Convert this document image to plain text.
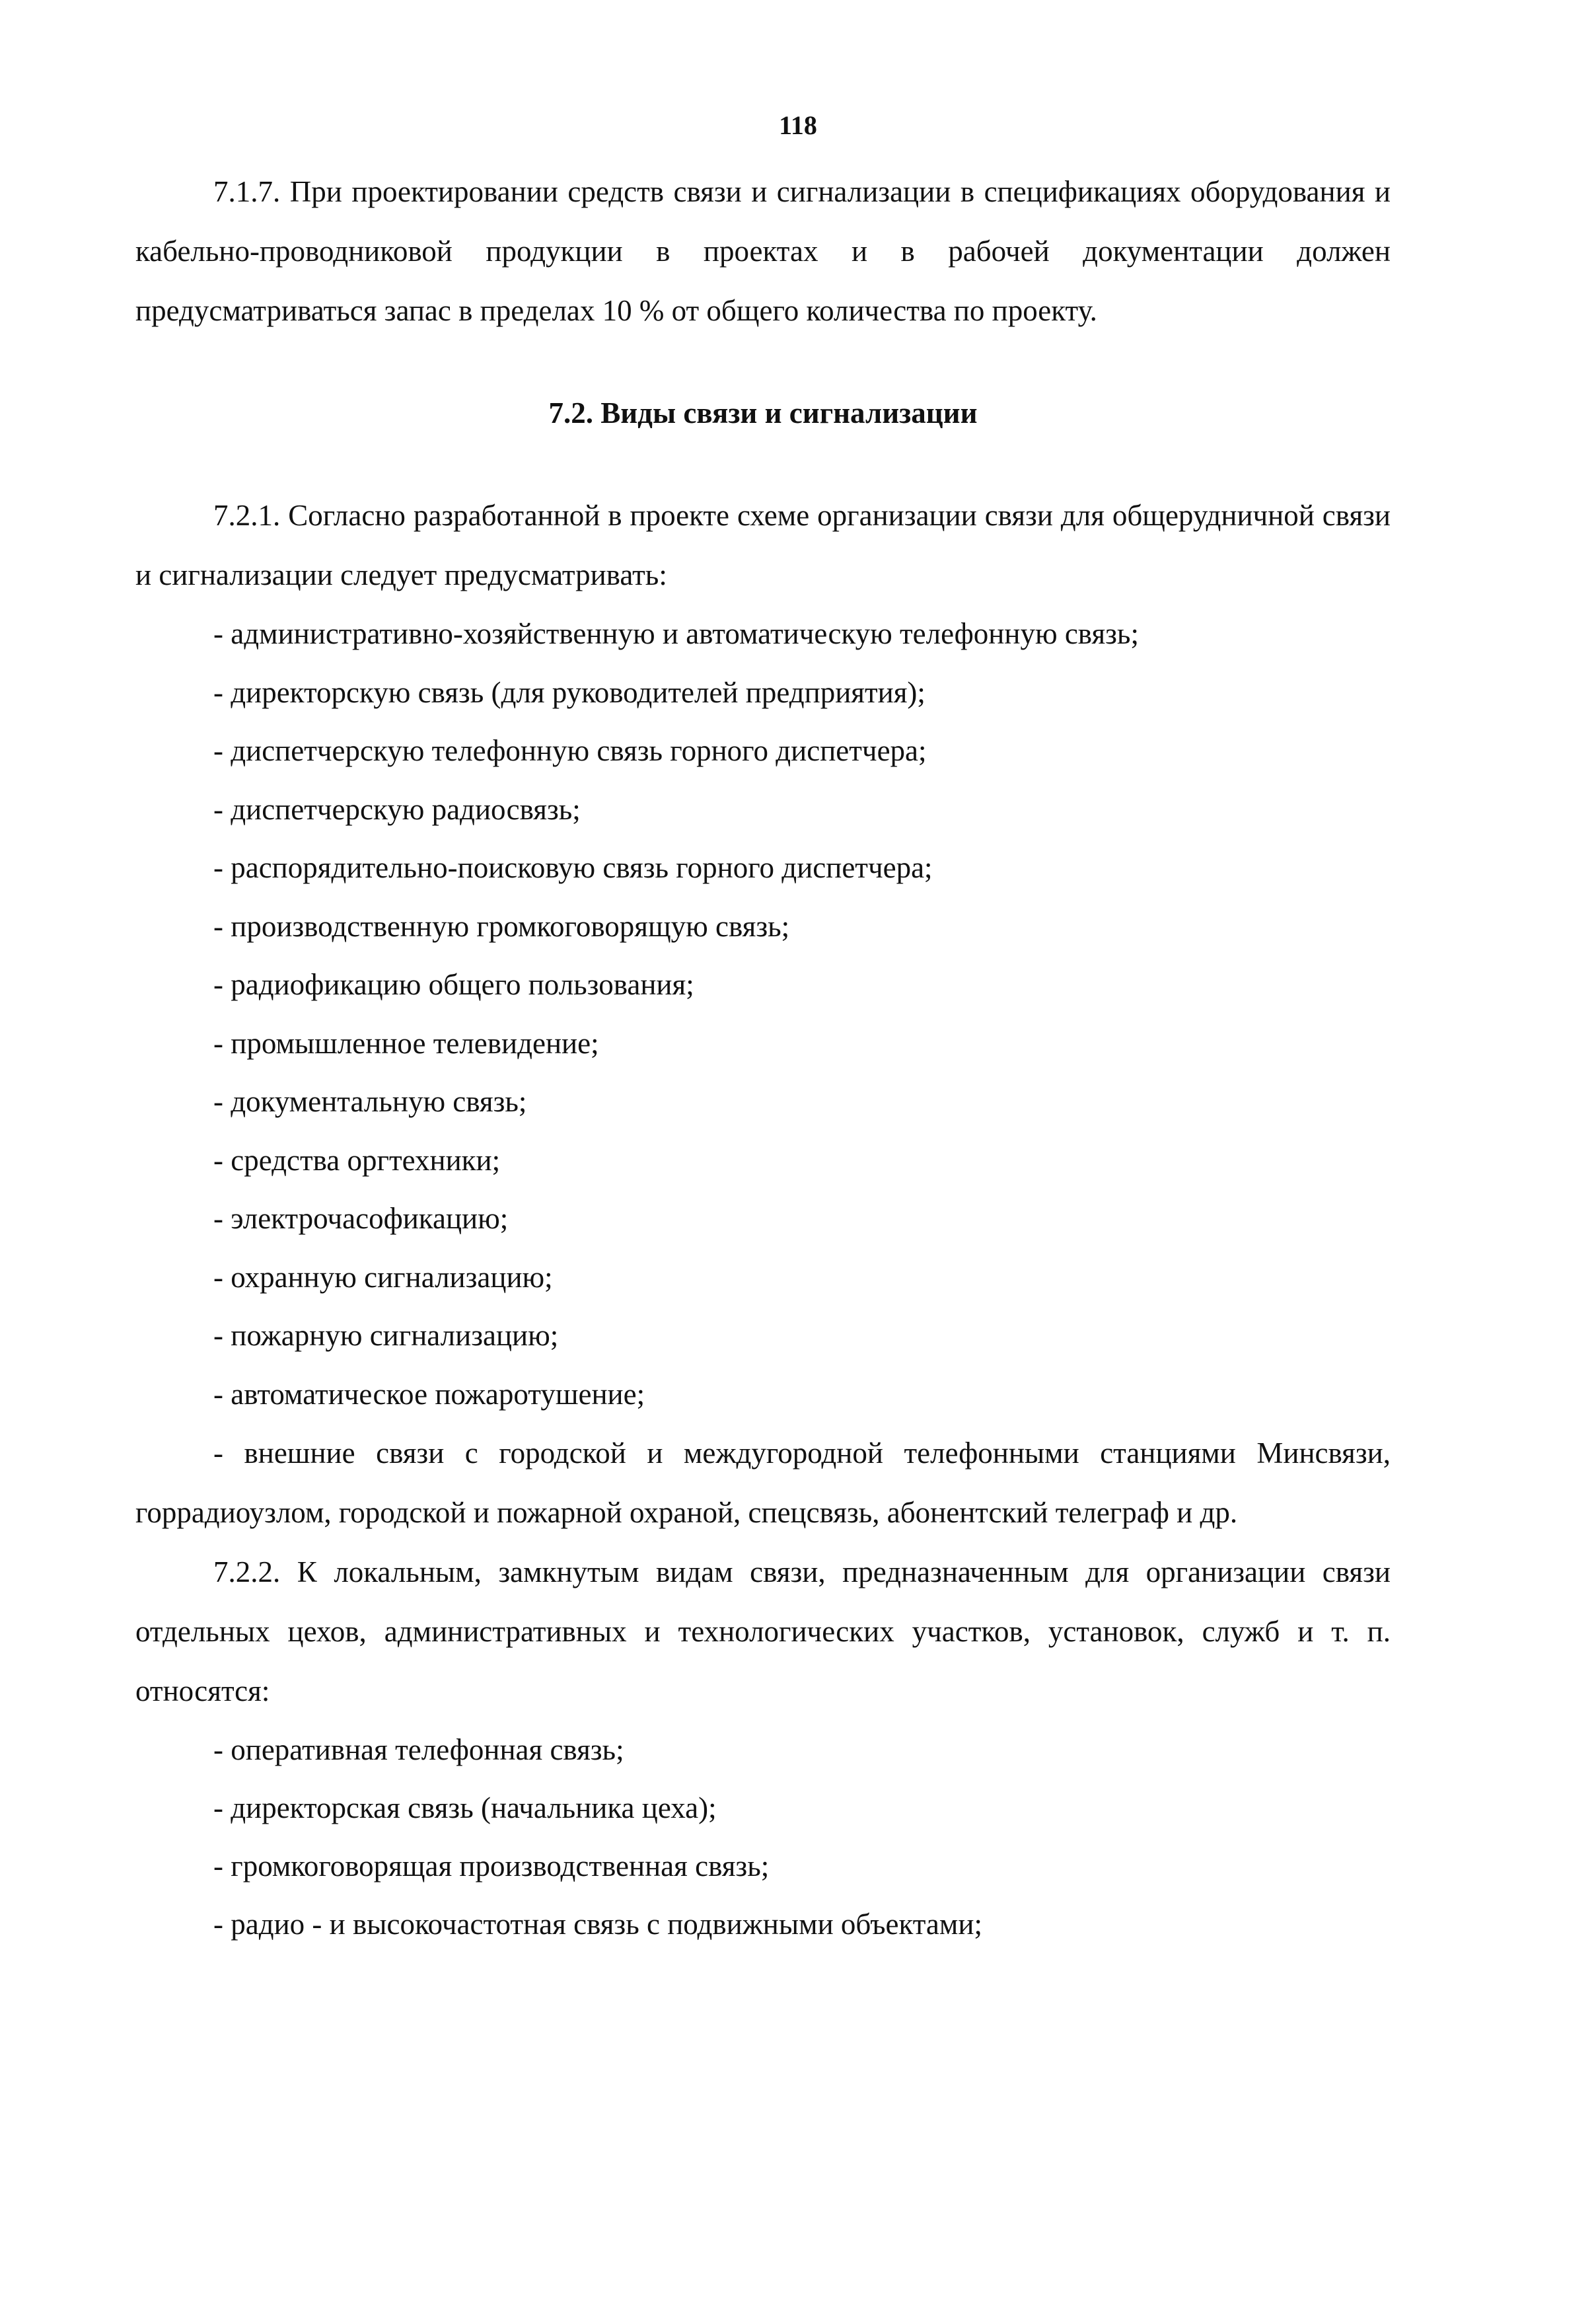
118

7.1.7. При проектировании средств связи и сигнализации в спецификациях оборудования и кабельно-проводниковой продукции в проектах и в рабочей документации должен предусматриваться запас в пределах 10 % от общего количества по проекту.

7.2. Виды связи и сигнализации

7.2.1. Согласно разработанной в проекте схеме организации связи для общерудничной связи и сигнализации следует предусматривать:

- административно-хозяйственную и автоматическую телефонную связь;
- директорскую связь (для руководителей предприятия);
- диспетчерскую телефонную связь горного диспетчера;
- диспетчерскую радиосвязь;
- распорядительно-поисковую связь горного диспетчера;
- производственную громкоговорящую связь;
- радиофикацию общего пользования;
- промышленное телевидение;
- документальную связь;
- средства оргтехники;
- электрочасофикацию;
- охранную сигнализацию;
- пожарную сигнализацию;
- автоматическое пожаротушение;
- внешние связи с городской и междугородной телефонными станциями Минсвязи, горрадиоузлом, городской и пожарной охраной, спецсвязь, абонентский телеграф и др.

7.2.2. К локальным, замкнутым видам связи, предназначенным для организации связи отдельных цехов, административных и технологических участков, установок, служб и т. п. относятся:

- оперативная телефонная связь;
- директорская связь (начальника цеха);
- громкоговорящая производственная связь;
- радио - и высокочастотная связь с подвижными объектами;
